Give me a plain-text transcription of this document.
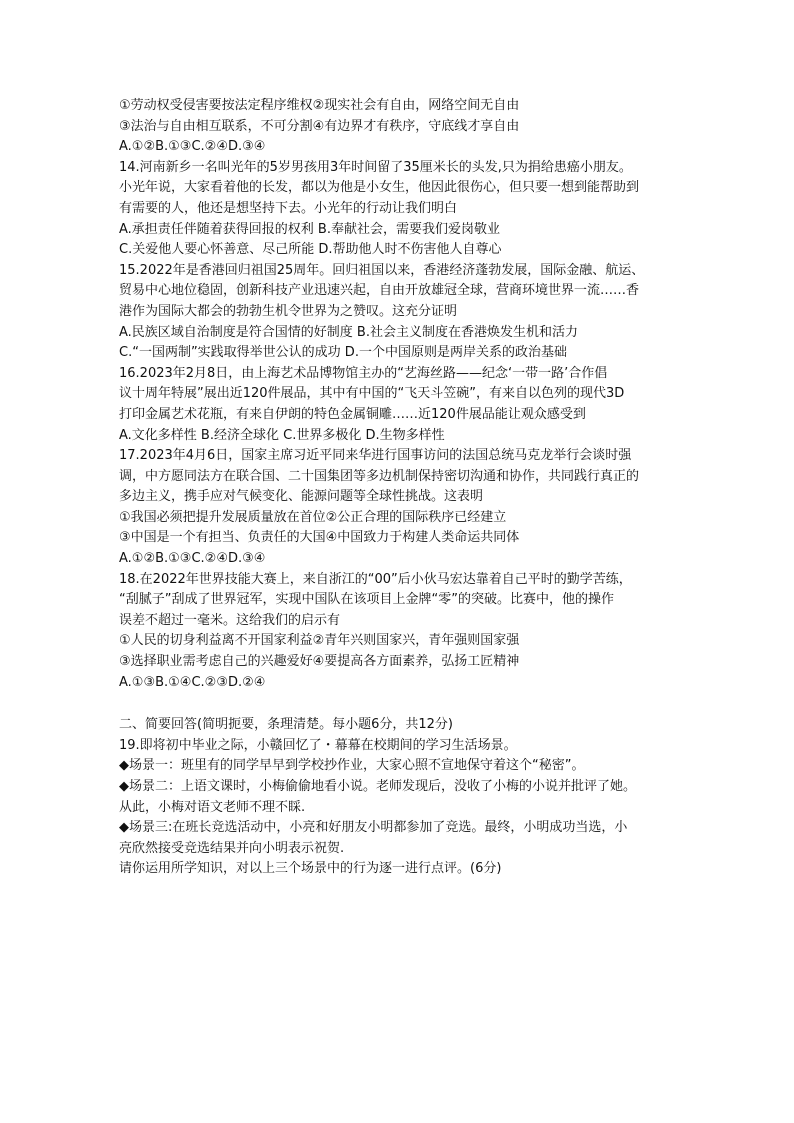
①劳动权受侵害要按法定程序维权②现实社会有自由，网络空间无自由
③法治与自由相互联系，不可分割④有边界才有秩序，守底线才享自由
A.①②B.①③C.②④D.③④
14.河南新乡一名叫光年的5岁男孩用3年时间留了35厘米长的头发,只为捐给患癌小朋友。
小光年说，大家看着他的长发，都以为他是小女生，他因此很伤心，但只要一想到能帮助到
有需要的人，他还是想坚持下去。小光年的行动让我们明白
A.承担责任伴随着获得回报的权利 B.奉献社会，需要我们爱岗敬业
C.关爱他人要心怀善意、尽己所能 D.帮助他人时不伤害他人自尊心
15.2022年是香港回归祖国25周年。回归祖国以来，香港经济蓬勃发展，国际金融、航运、
贸易中心地位稳固，创新科技产业迅速兴起，自由开放雄冠全球，营商环境世界一流……香
港作为国际大都会的勃勃生机令世界为之赞叹。这充分证明
A.民族区域自治制度是符合国情的好制度 B.社会主义制度在香港焕发生机和活力
C.“一国两制”实践取得举世公认的成功 D.一个中国原则是两岸关系的政治基础
16.2023年2月8日，由上海艺术品博物馆主办的“艺海丝路——纪念‘一带一路’合作倡
议十周年特展”展出近120件展品，其中有中国的“飞天斗笠碗”，有来自以色列的现代3D
打印金属艺术花瓶，有来自伊朗的特色金属铜雕……近120件展品能让观众感受到
A.文化多样性 B.经济全球化 C.世界多极化 D.生物多样性
17.2023年4月6日，国家主席习近平同来华进行国事访问的法国总统马克龙举行会谈时强
调，中方愿同法方在联合国、二十国集团等多边机制保持密切沟通和协作，共同践行真正的
多边主义，携手应对气候变化、能源问题等全球性挑战。这表明
①我国必须把提升发展质量放在首位②公正合理的国际秩序已经建立
③中国是一个有担当、负责任的大国④中国致力于构建人类命运共同体
A.①②B.①③C.②④D.③④
18.在2022年世界技能大赛上，来自浙江的“00”后小伙马宏达靠着自己平时的勤学苦练，
“刮腻子”刮成了世界冠军，实现中国队在该项目上金牌“零”的突破。比赛中，他的操作
误差不超过一毫米。这给我们的启示有
①人民的切身利益离不开国家利益②青年兴则国家兴，青年强则国家强
③选择职业需考虑自己的兴趣爱好④要提高各方面素养，弘扬工匠精神
A.①③B.①④C.②③D.②④
二、简要回答(简明扼要，条理清楚。每小题6分，共12分)
19.即将初中毕业之际，小赣回忆了・幕幕在校期间的学习生活场景。
◆场景一：班里有的同学早早到学校抄作业，大家心照不宣地保守着这个“秘密”。
◆场景二：上语文课时，小梅偷偷地看小说。老师发现后，没收了小梅的小说并批评了她。
从此，小梅对语文老师不理不睬.
◆场景三:在班长竞选活动中，小亮和好朋友小明都参加了竞选。最终，小明成功当选，小
亮欣然接受竞选结果并向小明表示祝贺.
请你运用所学知识，对以上三个场景中的行为逐一进行点评。(6分)
